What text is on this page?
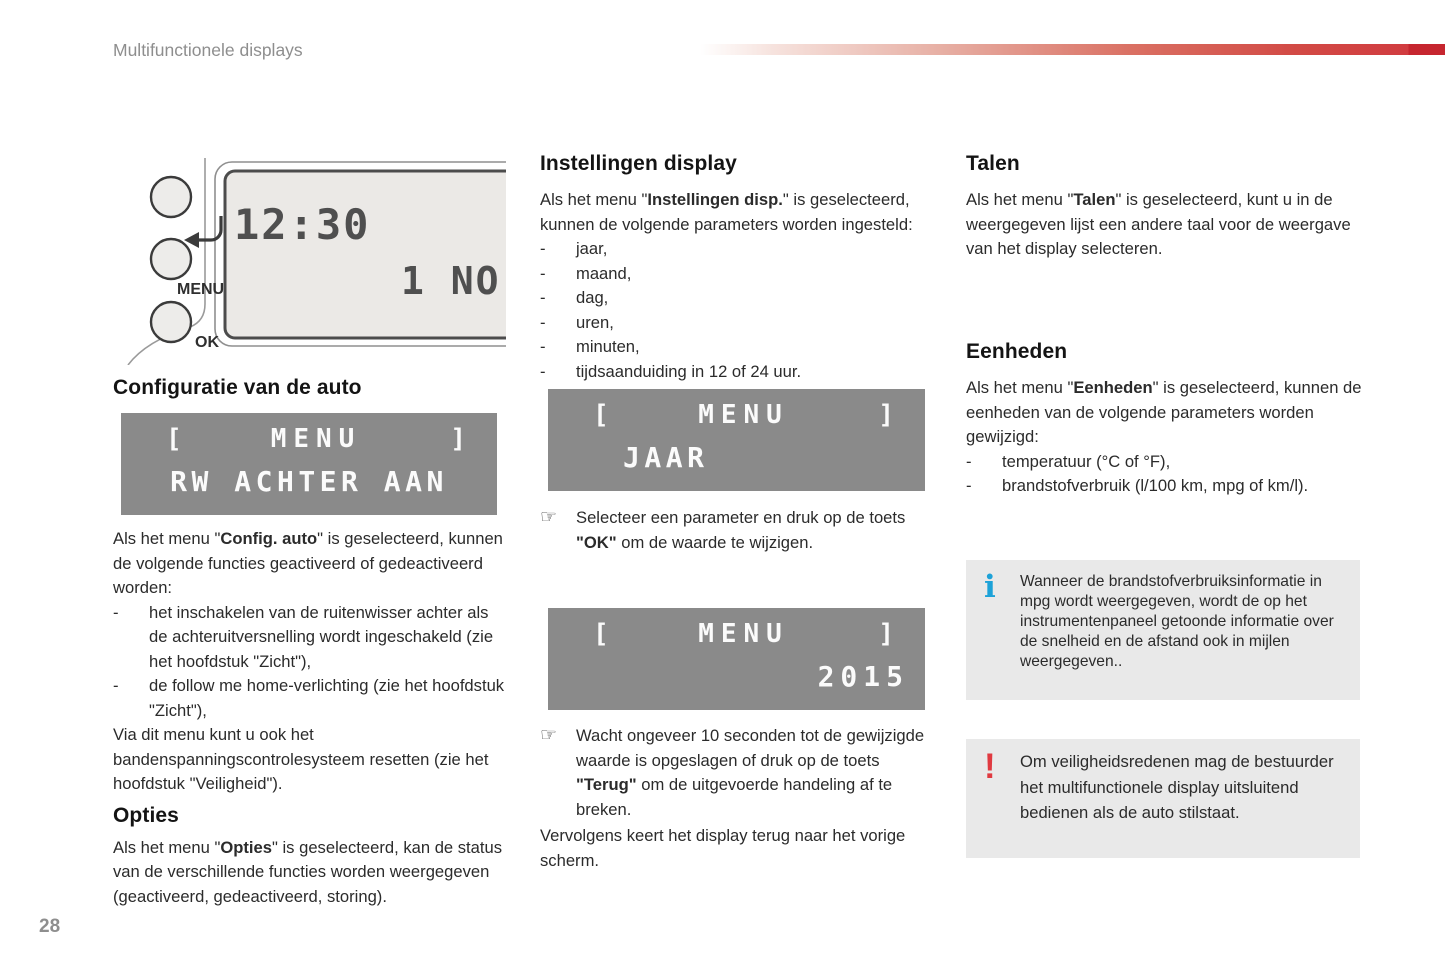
Multifunctionele displays
12:30
1 NO
MENU
OK
Configuratie van de auto
[	MENU	]
RW ACHTER AAN

Als het menu "Config. auto" is geselecteerd, kunnen de volgende functies geactiveerd of gedeactiveerd worden:

-	het inschakelen van de ruitenwisser achter als de achteruitversnelling wordt ingeschakeld (zie het hoofdstuk "Zicht"),
-	de follow me home-verlichting (zie het hoofdstuk "Zicht"),

Via dit menu kunt u ook het bandenspanningscontrolesysteem resetten (zie het hoofdstuk "Veiligheid").

Opties

Als het menu "Opties" is geselecteerd, kan de status van de verschillende functies worden weergegeven (geactiveerd, gedeactiveerd, storing).

Instellingen display

Als het menu "Instellingen disp." is geselecteerd, kunnen de volgende parameters worden ingesteld:

-	jaar,
-	maand,
-	dag,
-	uren,
-	minuten,
-	tijdsaanduiding in 12 of 24 uur.
[	MENU	]
JAAR
☞	Selecteer een parameter en druk op de toets "OK" om de waarde te wijzigen.

[	MENU	]
2015
☞	Wacht ongeveer 10 seconden tot de gewijzigde waarde is opgeslagen of druk op de toets "Terug" om de uitgevoerde handeling af te breken.

Vervolgens keert het display terug naar het vorige scherm.

Talen

Als het menu "Talen" is geselecteerd, kunt u in de weergegeven lijst een andere taal voor de weergave van het display selecteren.

Eenheden

Als het menu "Eenheden" is geselecteerd, kunnen de eenheden van de volgende parameters worden gewijzigd:

-	temperatuur (°C of °F),
-	brandstofverbruik (l/100 km, mpg of km/l).
i	Wanneer de brandstofverbruiksinformatie in mpg wordt weergegeven, wordt de op het instrumentenpaneel getoonde informatie over de snelheid en de afstand ook in mijlen weergegeven..
!	Om veiligheidsredenen mag de bestuurder het multifunctionele display uitsluitend bedienen als de auto stilstaat.
28
